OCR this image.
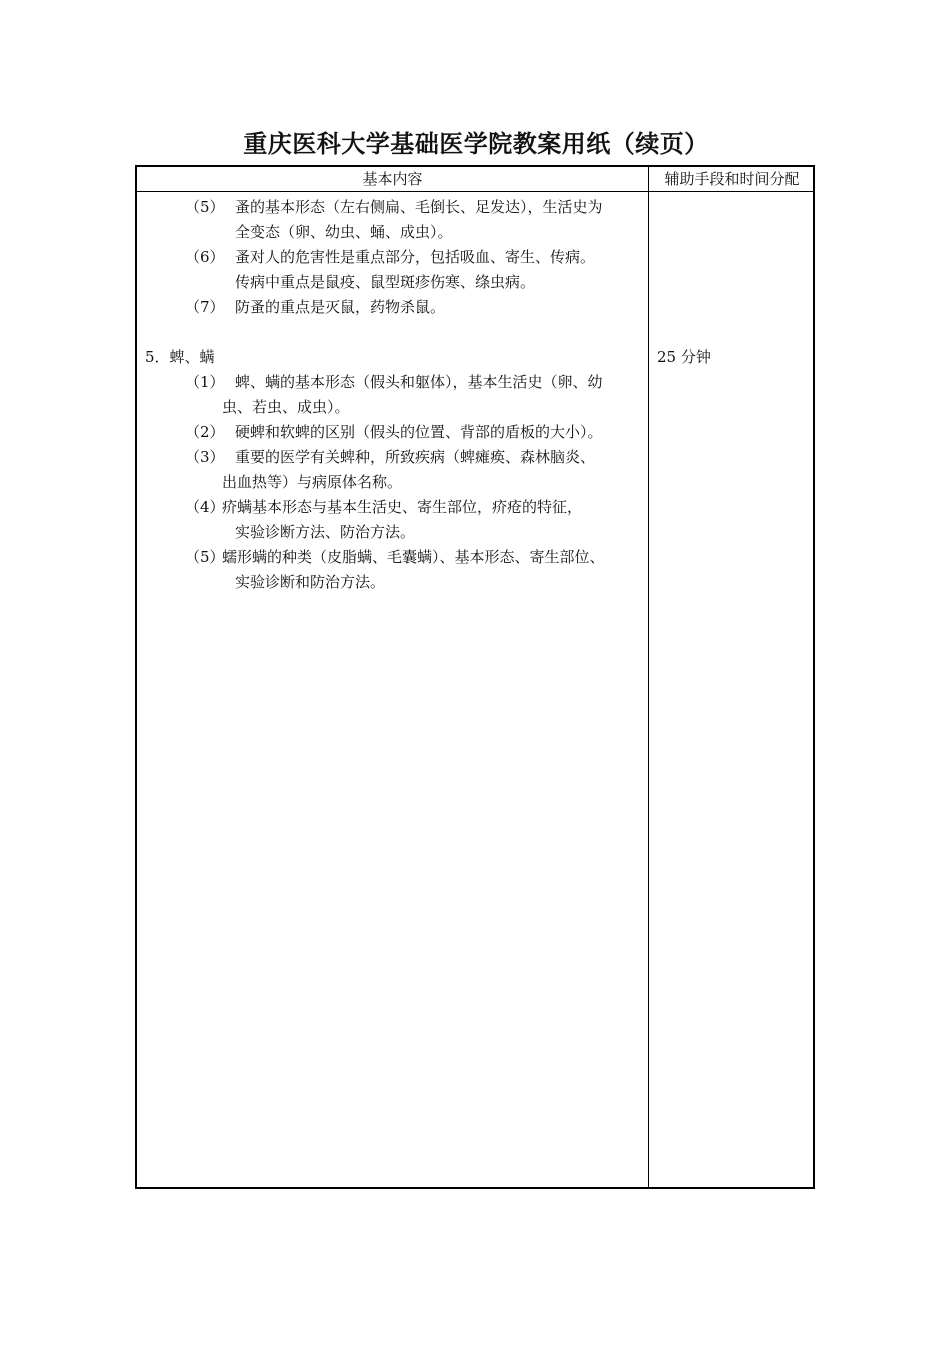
重庆医科大学基础医学院教案用纸（续页）
基本内容	辅助手段和时间分配
（5） 蚤的基本形态（左右侧扁、毛倒长、足发达），生活史为
全变态（卵、幼虫、蛹、成虫）。
（6） 蚤对人的危害性是重点部分，包括吸血、寄生、传病。
传病中重点是鼠疫、鼠型斑疹伤寒、绦虫病。
（7） 防蚤的重点是灭鼠，药物杀鼠。
5．蜱、螨	25 分钟
（1） 蜱、螨的基本形态（假头和躯体），基本生活史（卵、幼
虫、若虫、成虫）。
（2） 硬蜱和软蜱的区别（假头的位置、背部的盾板的大小）。
（3） 重要的医学有关蜱种，所致疾病（蜱瘫痪、森林脑炎、
出血热等）与病原体名称。
（4）
疥螨基本形态与基本生活史、寄生部位，疥疮的特征，
实验诊断方法、防治方法。
（5）
蠕形螨的种类（皮脂螨、毛囊螨）、基本形态、寄生部位、
实验诊断和防治方法。
